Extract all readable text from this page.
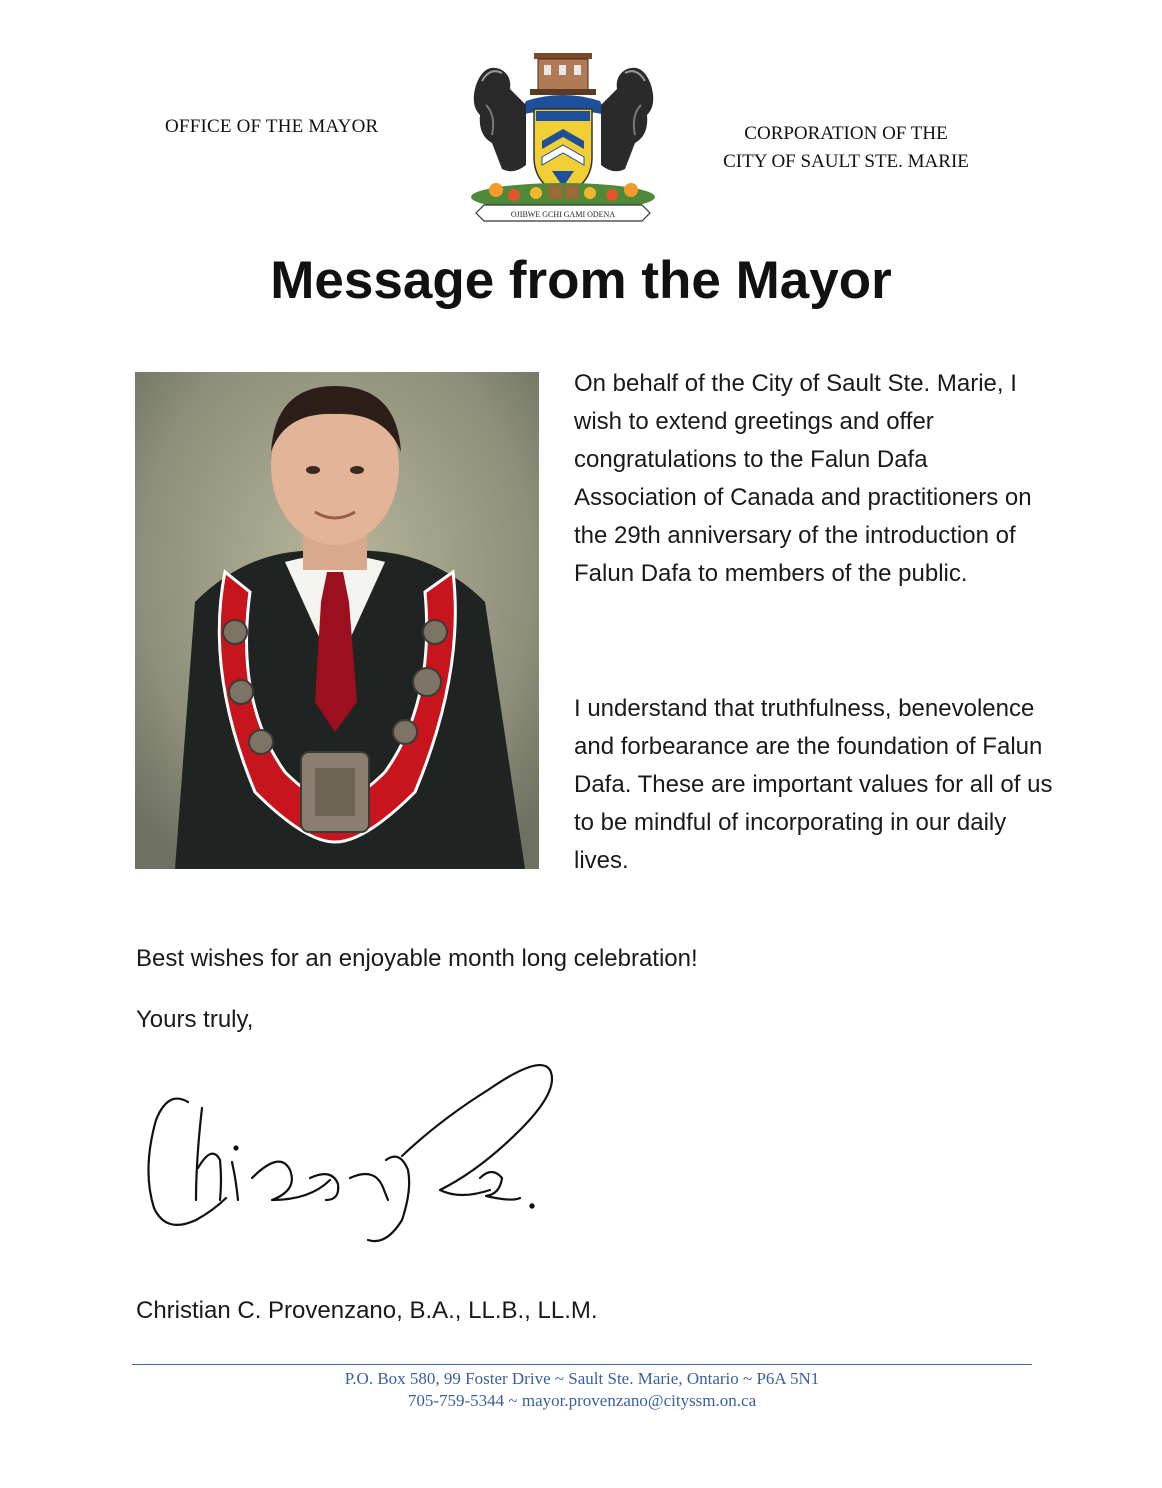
OFFICE OF THE MAYOR
OJIBWE GCHI GAMI ODENA
CORPORATION OF THE
CITY OF SAULT STE. MARIE
Message from the Mayor

On behalf of the City of Sault Ste. Marie, I wish to extend greetings and offer congratulations to the Falun Dafa Association of Canada and practitioners on the 29th anniversary of the introduction of Falun Dafa to members of the public.

I understand that truthfulness, benevolence and forbearance are the foundation of Falun Dafa. These are important values for all of us to be mindful of incorporating in our daily lives.

Best wishes for an enjoyable month long celebration!

Yours truly,

Christian C. Provenzano, B.A., LL.B., LL.M.

P.O. Box 580, 99 Foster Drive ~ Sault Ste. Marie, Ontario ~ P6A 5N1
705-759-5344 ~ mayor.provenzano@cityssm.on.ca
